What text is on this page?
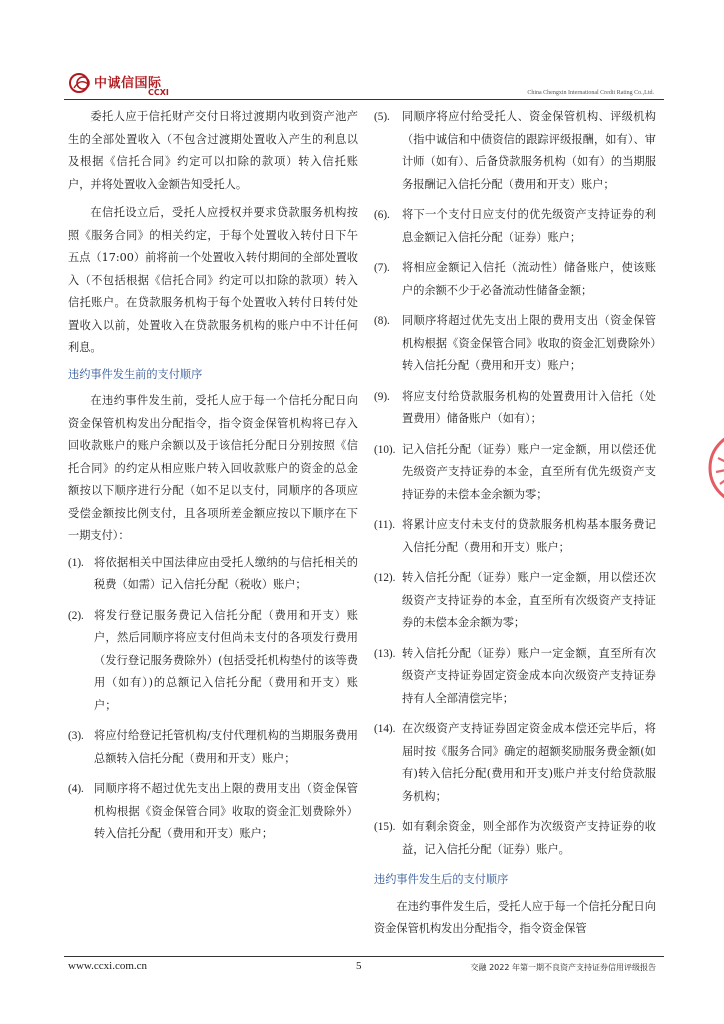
中诚信国际
CCXI	China Chengxin International Credit Rating Co.,Ltd.

委托人应于信托财产交付日将过渡期内收到资产池产生的全部处置收入（不包含过渡期处置收入产生的利息以及根据《信托合同》约定可以扣除的款项）转入信托账户，并将处置收入金额告知受托人。

在信托设立后，受托人应授权并要求贷款服务机构按照《服务合同》的相关约定，于每个处置收入转付日下午五点（17:00）前将前一个处置收入转付期间的全部处置收入（不包括根据《信托合同》约定可以扣除的款项）转入信托账户。在贷款服务机构于每个处置收入转付日转付处置收入以前，处置收入在贷款服务机构的账户中不计任何利息。

违约事件发生前的支付顺序

在违约事件发生前，受托人应于每一个信托分配日向资金保管机构发出分配指令，指令资金保管机构将已存入回收款账户的账户余额以及于该信托分配日分别按照《信托合同》的约定从相应账户转入回收款账户的资金的总金额按以下顺序进行分配（如不足以支付，同顺序的各项应受偿金额按比例支付，且各项所差金额应按以下顺序在下一期支付）：

(1). 将依据相关中国法律应由受托人缴纳的与信托相关的税费（如需）记入信托分配（税收）账户；
(2). 将发行登记服务费记入信托分配（费用和开支）账户，然后同顺序将应支付但尚未支付的各项发行费用（发行登记服务费除外）(包括受托机构垫付的该等费用（如有）)的总额记入信托分配（费用和开支）账户；
(3). 将应付给登记托管机构/支付代理机构的当期服务费用总额转入信托分配（费用和开支）账户；
(4). 同顺序将不超过优先支出上限的费用支出（资金保管机构根据《资金保管合同》收取的资金汇划费除外）转入信托分配（费用和开支）账户；
(5). 同顺序将应付给受托人、资金保管机构、评级机构（指中诚信和中债资信的跟踪评级报酬，如有）、审计师（如有）、后备贷款服务机构（如有）的当期服务报酬记入信托分配（费用和开支）账户；
(6). 将下一个支付日应支付的优先级资产支持证券的利息金额记入信托分配（证券）账户；
(7). 将相应金额记入信托（流动性）储备账户，使该账户的余额不少于必备流动性储备金额；
(8). 同顺序将超过优先支出上限的费用支出（资金保管机构根据《资金保管合同》收取的资金汇划费除外）转入信托分配（费用和开支）账户；
(9). 将应支付给贷款服务机构的处置费用计入信托（处置费用）储备账户（如有）；
(10). 记入信托分配（证券）账户一定金额，用以偿还优先级资产支持证券的本金，直至所有优先级资产支持证券的未偿本金余额为零；
(11). 将累计应支付未支付的贷款服务机构基本服务费记入信托分配（费用和开支）账户；
(12). 转入信托分配（证券）账户一定金额，用以偿还次级资产支持证券的本金，直至所有次级资产支持证券的未偿本金余额为零；
(13). 转入信托分配（证券）账户一定金额，直至所有次级资产支持证券固定资金成本向次级资产支持证券持有人全部清偿完毕；
(14). 在次级资产支持证券固定资金成本偿还完毕后，将届时按《服务合同》确定的超额奖励服务费金额(如有)转入信托分配(费用和开支)账户并支付给贷款服务机构；
(15). 如有剩余资金，则全部作为次级资产支持证券的收益，记入信托分配（证券）账户。
违约事件发生后的支付顺序

在违约事件发生后，受托人应于每一个信托分配日向资金保管机构发出分配指令，指令资金保管

www.ccxi.com.cn	5	交融 2022 年第一期不良资产支持证券信用评级报告
